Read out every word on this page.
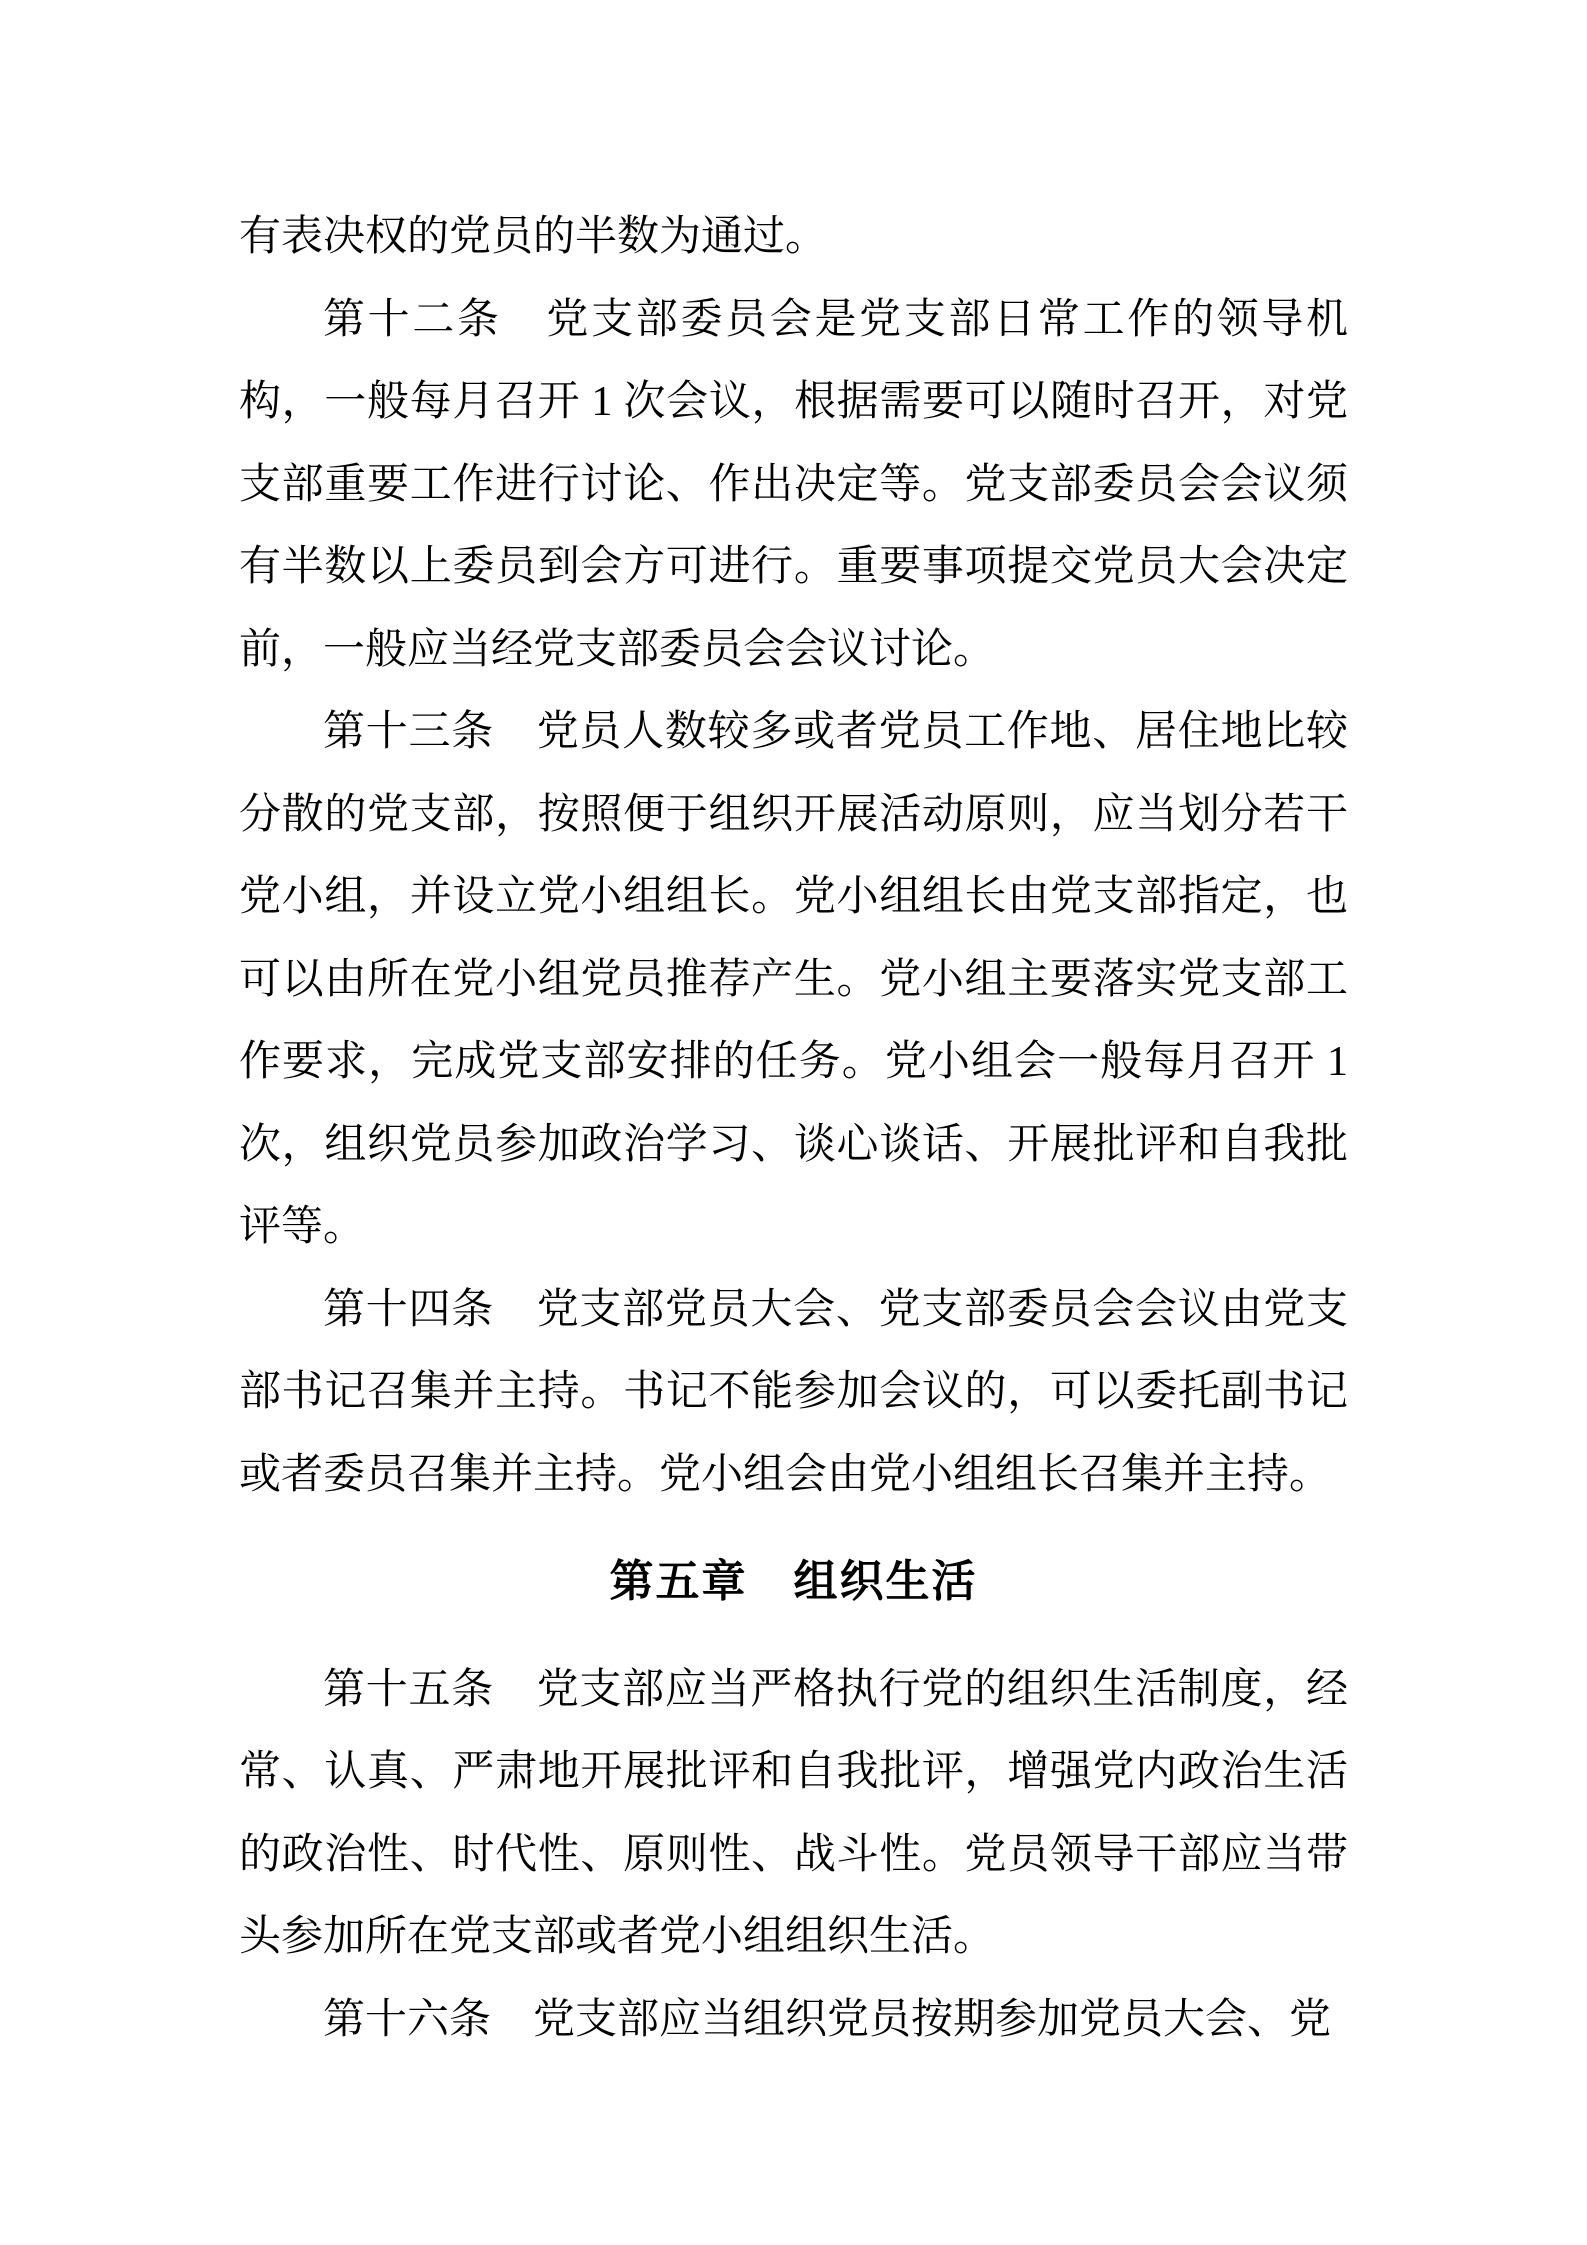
有表决权的党员的半数为通过。

第十二条　党支部委员会是党支部日常工作的领导机构，一般每月召开 1 次会议，根据需要可以随时召开，对党支部重要工作进行讨论、作出决定等。党支部委员会会议须有半数以上委员到会方可进行。重要事项提交党员大会决定前，一般应当经党支部委员会会议讨论。

第十三条　党员人数较多或者党员工作地、居住地比较分散的党支部，按照便于组织开展活动原则，应当划分若干党小组，并设立党小组组长。党小组组长由党支部指定，也可以由所在党小组党员推荐产生。党小组主要落实党支部工作要求，完成党支部安排的任务。党小组会一般每月召开 1 次，组织党员参加政治学习、谈心谈话、开展批评和自我批评等。

第十四条　党支部党员大会、党支部委员会会议由党支部书记召集并主持。书记不能参加会议的，可以委托副书记或者委员召集并主持。党小组会由党小组组长召集并主持。

第五章　组织生活

第十五条　党支部应当严格执行党的组织生活制度，经常、认真、严肃地开展批评和自我批评，增强党内政治生活的政治性、时代性、原则性、战斗性。党员领导干部应当带头参加所在党支部或者党小组组织生活。

第十六条　党支部应当组织党员按期参加党员大会、党
